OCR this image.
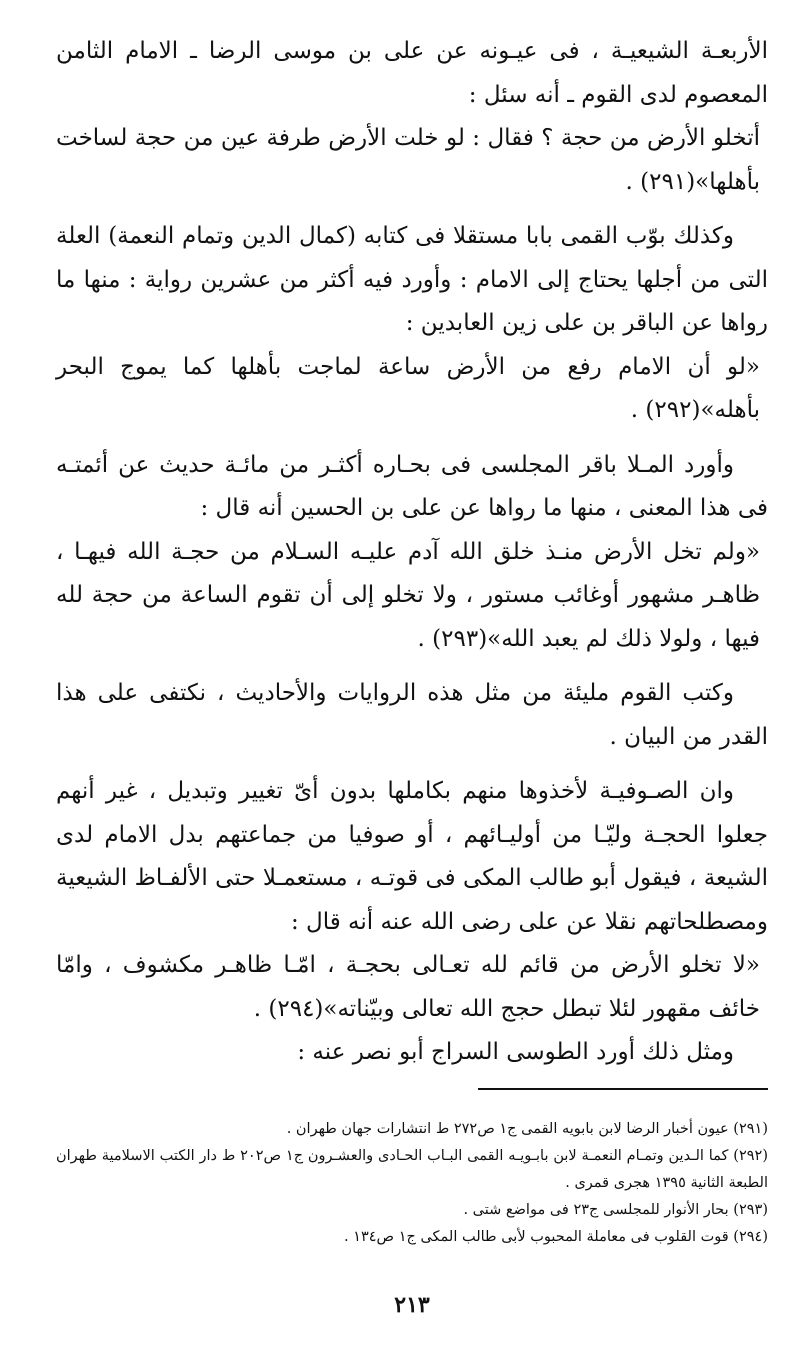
الأربعـة الشيعيـة ، فى عيـونه عن على بن موسى الرضا ـ الامام الثامن المعصوم لدى القوم ـ أنه سئل :

أتخلو الأرض من حجة ؟ فقال : لو خلت الأرض طرفة عين من حجة لساخت بأهلها»(٢٩١) .

وكذلك بوّب القمى بابا مستقلا فى كتابه (كمال الدين وتمام النعمة) العلة التى من أجلها يحتاج إلى الامام : وأورد فيه أكثر من عشرين رواية : منها ما رواها عن الباقر بن على زين العابدين :

«لو أن الامام رفع من الأرض ساعة لماجت بأهلها كما يموج البحر بأهله»(٢٩٢) .

وأورد المـلا باقر المجلسى فى بحـاره أكثـر من مائـة حديث عن أئمتـه فى هذا المعنى ، منها ما رواها عن على بن الحسين أنه قال :

«ولم تخل الأرض منـذ خلق الله آدم عليـه السـلام من حجـة الله فيهـا ، ظاهـر مشهور أوغائب مستور ، ولا تخلو إلى أن تقوم الساعة من حجة لله فيها ، ولولا ذلك لم يعبد الله»(٢٩٣) .

وكتب القوم مليئة من مثل هذه الروايات والأحاديث ، نكتفى على هذا القدر من البيان .

وان الصـوفيـة لأخذوها منهم بكاملها بدون أىّ تغيير وتبديل ، غير أنهم جعلوا الحجـة وليّـا من أوليـائهم ، أو صوفيا من جماعتهم بدل الامام لدى الشيعة ، فيقول أبو طالب المكى فى قوتـه ، مستعمـلا حتى الألفـاظ الشيعية ومصطلحاتهم نقلا عن على رضى الله عنه أنه قال :

«لا تخلو الأرض من قائم لله تعـالى بحجـة ، امّـا ظاهـر مكشوف ، وامّا خائف مقهور لئلا تبطل حجج الله تعالى وبيّناته»(٢٩٤) .

ومثل ذلك أورد الطوسى السراج أبو نصر عنه :

(٢٩١) عيون أخبار الرضا لابن بابويه القمى ج١ ص٢٧٢ ط انتشارات جهان طهران .

(٢٩٢) كما الـدين وتمـام النعمـة لابن بابـويـه القمى البـاب الحـادى والعشـرون ج١ ص٢٠٢ ط دار الكتب الاسلامية طهران الطبعة الثانية ١٣٩٥ هجرى قمرى .

(٢٩٣) بحار الأنوار للمجلسى ج٢٣ فى مواضع شتى .

(٢٩٤) قوت القلوب فى معاملة المحبوب لأبى طالب المكى ج١ ص١٣٤ .

٢١٣
